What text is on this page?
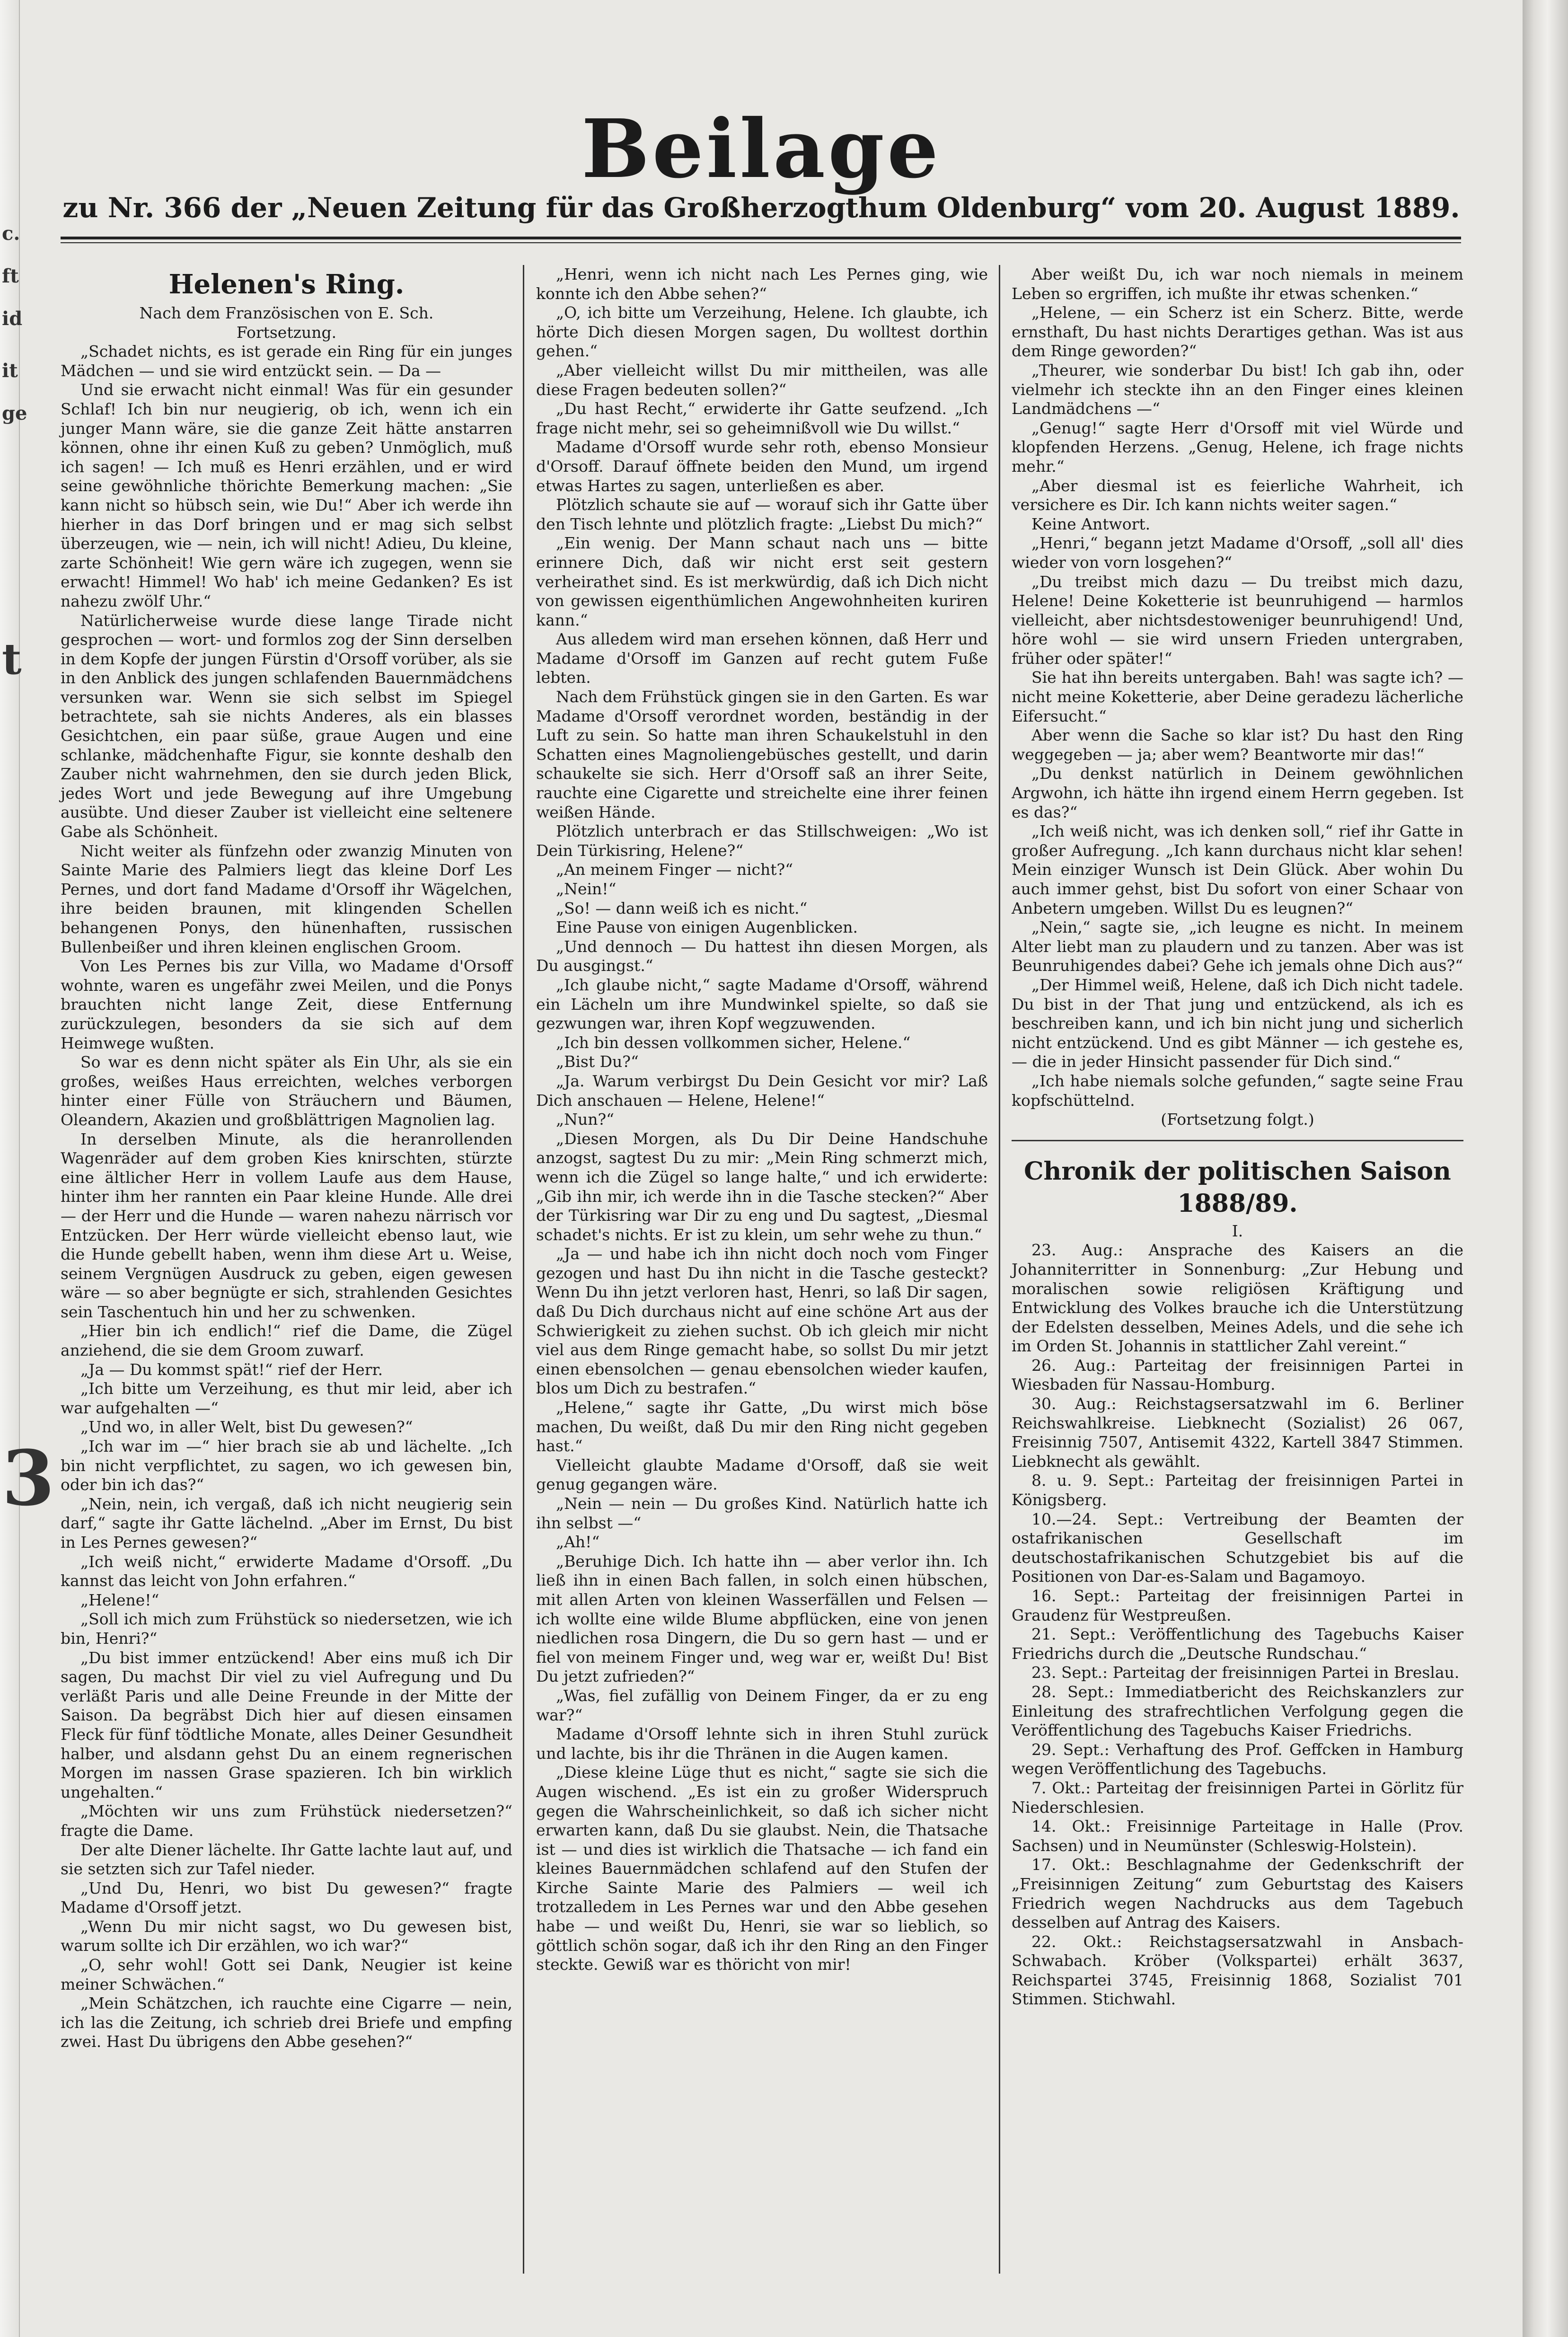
c.
ft
id
it
ge
t
3
Beilage
zu Nr. 366 der „Neuen Zeitung für das Großherzogthum Oldenburg“ vom 20. August 1889.
Helenen's Ring.

Nach dem Französischen von E. Sch.

Fortsetzung.

„Schadet nichts, es ist gerade ein Ring für ein junges Mädchen — und sie wird entzückt sein. — Da —

Und sie erwacht nicht einmal! Was für ein gesunder Schlaf! Ich bin nur neugierig, ob ich, wenn ich ein junger Mann wäre, sie die ganze Zeit hätte anstarren können, ohne ihr einen Kuß zu geben? Unmöglich, muß ich sagen! — Ich muß es Henri erzählen, und er wird seine gewöhnliche thörichte Bemerkung machen: „Sie kann nicht so hübsch sein, wie Du!“ Aber ich werde ihn hierher in das Dorf bringen und er mag sich selbst überzeugen, wie — nein, ich will nicht! Adieu, Du kleine, zarte Schönheit! Wie gern wäre ich zugegen, wenn sie erwacht! Himmel! Wo hab' ich meine Gedanken? Es ist nahezu zwölf Uhr.“

Natürlicherweise wurde diese lange Tirade nicht gesprochen — wort- und formlos zog der Sinn derselben in dem Kopfe der jungen Fürstin d'Orsoff vorüber, als sie in den Anblick des jungen schlafenden Bauernmädchens versunken war. Wenn sie sich selbst im Spiegel betrachtete, sah sie nichts Anderes, als ein blasses Gesichtchen, ein paar süße, graue Augen und eine schlanke, mädchenhafte Figur, sie konnte deshalb den Zauber nicht wahrnehmen, den sie durch jeden Blick, jedes Wort und jede Bewegung auf ihre Umgebung ausübte. Und dieser Zauber ist vielleicht eine seltenere Gabe als Schönheit.

Nicht weiter als fünfzehn oder zwanzig Minuten von Sainte Marie des Palmiers liegt das kleine Dorf Les Pernes, und dort fand Madame d'Orsoff ihr Wägelchen, ihre beiden braunen, mit klingenden Schellen behangenen Ponys, den hünenhaften, russischen Bullenbeißer und ihren kleinen englischen Groom.

Von Les Pernes bis zur Villa, wo Madame d'Orsoff wohnte, waren es ungefähr zwei Meilen, und die Ponys brauchten nicht lange Zeit, diese Entfernung zurückzulegen, besonders da sie sich auf dem Heimwege wußten.

So war es denn nicht später als Ein Uhr, als sie ein großes, weißes Haus erreichten, welches verborgen hinter einer Fülle von Sträuchern und Bäumen, Oleandern, Akazien und großblättrigen Magnolien lag.

In derselben Minute, als die heranrollenden Wagenräder auf dem groben Kies knirschten, stürzte eine ältlicher Herr in vollem Laufe aus dem Hause, hinter ihm her rannten ein Paar kleine Hunde. Alle drei — der Herr und die Hunde — waren nahezu närrisch vor Entzücken. Der Herr würde vielleicht ebenso laut, wie die Hunde gebellt haben, wenn ihm diese Art u. Weise, seinem Vergnügen Ausdruck zu geben, eigen gewesen wäre — so aber begnügte er sich, strahlenden Gesichtes sein Taschentuch hin und her zu schwenken.

„Hier bin ich endlich!“ rief die Dame, die Zügel anziehend, die sie dem Groom zuwarf.

„Ja — Du kommst spät!“ rief der Herr.

„Ich bitte um Verzeihung, es thut mir leid, aber ich war aufgehalten —“

„Und wo, in aller Welt, bist Du gewesen?“

„Ich war im —“ hier brach sie ab und lächelte. „Ich bin nicht verpflichtet, zu sagen, wo ich gewesen bin, oder bin ich das?“

„Nein, nein, ich vergaß, daß ich nicht neugierig sein darf,“ sagte ihr Gatte lächelnd. „Aber im Ernst, Du bist in Les Pernes gewesen?“

„Ich weiß nicht,“ erwiderte Madame d'Orsoff. „Du kannst das leicht von John erfahren.“

„Helene!“

„Soll ich mich zum Frühstück so niedersetzen, wie ich bin, Henri?“

„Du bist immer entzückend! Aber eins muß ich Dir sagen, Du machst Dir viel zu viel Aufregung und Du verläßt Paris und alle Deine Freunde in der Mitte der Saison. Da begräbst Dich hier auf diesen einsamen Fleck für fünf tödtliche Monate, alles Deiner Gesundheit halber, und alsdann gehst Du an einem regnerischen Morgen im nassen Grase spazieren. Ich bin wirklich ungehalten.“

„Möchten wir uns zum Frühstück niedersetzen?“ fragte die Dame.

Der alte Diener lächelte. Ihr Gatte lachte laut auf, und sie setzten sich zur Tafel nieder.

„Und Du, Henri, wo bist Du gewesen?“ fragte Madame d'Orsoff jetzt.

„Wenn Du mir nicht sagst, wo Du gewesen bist, warum sollte ich Dir erzählen, wo ich war?“

„O, sehr wohl! Gott sei Dank, Neugier ist keine meiner Schwächen.“

„Mein Schätzchen, ich rauchte eine Cigarre — nein, ich las die Zeitung, ich schrieb drei Briefe und empfing zwei. Hast Du übrigens den Abbe gesehen?“

„Henri, wenn ich nicht nach Les Pernes ging, wie konnte ich den Abbe sehen?“

„O, ich bitte um Verzeihung, Helene. Ich glaubte, ich hörte Dich diesen Morgen sagen, Du wolltest dorthin gehen.“

„Aber vielleicht willst Du mir mittheilen, was alle diese Fragen bedeuten sollen?“

„Du hast Recht,“ erwiderte ihr Gatte seufzend. „Ich frage nicht mehr, sei so geheimnißvoll wie Du willst.“

Madame d'Orsoff wurde sehr roth, ebenso Monsieur d'Orsoff. Darauf öffnete beiden den Mund, um irgend etwas Hartes zu sagen, unterließen es aber.

Plötzlich schaute sie auf — worauf sich ihr Gatte über den Tisch lehnte und plötzlich fragte: „Liebst Du mich?“

„Ein wenig. Der Mann schaut nach uns — bitte erinnere Dich, daß wir nicht erst seit gestern verheirathet sind. Es ist merkwürdig, daß ich Dich nicht von gewissen eigenthümlichen Angewohnheiten kuriren kann.“

Aus alledem wird man ersehen können, daß Herr und Madame d'Orsoff im Ganzen auf recht gutem Fuße lebten.

Nach dem Frühstück gingen sie in den Garten. Es war Madame d'Orsoff verordnet worden, beständig in der Luft zu sein. So hatte man ihren Schaukelstuhl in den Schatten eines Magnoliengebüsches gestellt, und darin schaukelte sie sich. Herr d'Orsoff saß an ihrer Seite, rauchte eine Cigarette und streichelte eine ihrer feinen weißen Hände.

Plötzlich unterbrach er das Stillschweigen: „Wo ist Dein Türkisring, Helene?“

„An meinem Finger — nicht?“

„Nein!“

„So! — dann weiß ich es nicht.“

Eine Pause von einigen Augenblicken.

„Und dennoch — Du hattest ihn diesen Morgen, als Du ausgingst.“

„Ich glaube nicht,“ sagte Madame d'Orsoff, während ein Lächeln um ihre Mundwinkel spielte, so daß sie gezwungen war, ihren Kopf wegzuwenden.

„Ich bin dessen vollkommen sicher, Helene.“

„Bist Du?“

„Ja. Warum verbirgst Du Dein Gesicht vor mir? Laß Dich anschauen — Helene, Helene!“

„Nun?“

„Diesen Morgen, als Du Dir Deine Handschuhe anzogst, sagtest Du zu mir: „Mein Ring schmerzt mich, wenn ich die Zügel so lange halte,“ und ich erwiderte: „Gib ihn mir, ich werde ihn in die Tasche stecken?“ Aber der Türkisring war Dir zu eng und Du sagtest, „Diesmal schadet's nichts. Er ist zu klein, um sehr wehe zu thun.“

„Ja — und habe ich ihn nicht doch noch vom Finger gezogen und hast Du ihn nicht in die Tasche gesteckt? Wenn Du ihn jetzt verloren hast, Henri, so laß Dir sagen, daß Du Dich durchaus nicht auf eine schöne Art aus der Schwierigkeit zu ziehen suchst. Ob ich gleich mir nicht viel aus dem Ringe gemacht habe, so sollst Du mir jetzt einen ebensolchen — genau ebensolchen wieder kaufen, blos um Dich zu bestrafen.“

„Helene,“ sagte ihr Gatte, „Du wirst mich böse machen, Du weißt, daß Du mir den Ring nicht gegeben hast.“

Vielleicht glaubte Madame d'Orsoff, daß sie weit genug gegangen wäre.

„Nein — nein — Du großes Kind. Natürlich hatte ich ihn selbst —“

„Ah!“

„Beruhige Dich. Ich hatte ihn — aber verlor ihn. Ich ließ ihn in einen Bach fallen, in solch einen hübschen, mit allen Arten von kleinen Wasserfällen und Felsen — ich wollte eine wilde Blume abpflücken, eine von jenen niedlichen rosa Dingern, die Du so gern hast — und er fiel von meinem Finger und, weg war er, weißt Du! Bist Du jetzt zufrieden?“

„Was, fiel zufällig von Deinem Finger, da er zu eng war?“

Madame d'Orsoff lehnte sich in ihren Stuhl zurück und lachte, bis ihr die Thränen in die Augen kamen.

„Diese kleine Lüge thut es nicht,“ sagte sie sich die Augen wischend. „Es ist ein zu großer Widerspruch gegen die Wahrscheinlichkeit, so daß ich sicher nicht erwarten kann, daß Du sie glaubst. Nein, die Thatsache ist — und dies ist wirklich die Thatsache — ich fand ein kleines Bauernmädchen schlafend auf den Stufen der Kirche Sainte Marie des Palmiers — weil ich trotzalledem in Les Pernes war und den Abbe gesehen habe — und weißt Du, Henri, sie war so lieblich, so göttlich schön sogar, daß ich ihr den Ring an den Finger steckte. Gewiß war es thöricht von mir!

Aber weißt Du, ich war noch niemals in meinem Leben so ergriffen, ich mußte ihr etwas schenken.“

„Helene, — ein Scherz ist ein Scherz. Bitte, werde ernsthaft, Du hast nichts Derartiges gethan. Was ist aus dem Ringe geworden?“

„Theurer, wie sonderbar Du bist! Ich gab ihn, oder vielmehr ich steckte ihn an den Finger eines kleinen Landmädchens —“

„Genug!“ sagte Herr d'Orsoff mit viel Würde und klopfenden Herzens. „Genug, Helene, ich frage nichts mehr.“

„Aber diesmal ist es feierliche Wahrheit, ich versichere es Dir. Ich kann nichts weiter sagen.“

Keine Antwort.

„Henri,“ begann jetzt Madame d'Orsoff, „soll all' dies wieder von vorn losgehen?“

„Du treibst mich dazu — Du treibst mich dazu, Helene! Deine Koketterie ist beunruhigend — harmlos vielleicht, aber nichtsdestoweniger beunruhigend! Und, höre wohl — sie wird unsern Frieden untergraben, früher oder später!“

Sie hat ihn bereits untergaben. Bah! was sagte ich? — nicht meine Koketterie, aber Deine geradezu lächerliche Eifersucht.“

Aber wenn die Sache so klar ist? Du hast den Ring weggegeben — ja; aber wem? Beantworte mir das!“

„Du denkst natürlich in Deinem gewöhnlichen Argwohn, ich hätte ihn irgend einem Herrn gegeben. Ist es das?“

„Ich weiß nicht, was ich denken soll,“ rief ihr Gatte in großer Aufregung. „Ich kann durchaus nicht klar sehen! Mein einziger Wunsch ist Dein Glück. Aber wohin Du auch immer gehst, bist Du sofort von einer Schaar von Anbetern umgeben. Willst Du es leugnen?“

„Nein,“ sagte sie, „ich leugne es nicht. In meinem Alter liebt man zu plaudern und zu tanzen. Aber was ist Beunruhigendes dabei? Gehe ich jemals ohne Dich aus?“

„Der Himmel weiß, Helene, daß ich Dich nicht tadele. Du bist in der That jung und entzückend, als ich es beschreiben kann, und ich bin nicht jung und sicherlich nicht entzückend. Und es gibt Männer — ich gestehe es, — die in jeder Hinsicht passender für Dich sind.“

„Ich habe niemals solche gefunden,“ sagte seine Frau kopfschüttelnd.

(Fortsetzung folgt.)

Chronik der politischen Saison 1888/89.

I.

23. Aug.: Ansprache des Kaisers an die Johanniterritter in Sonnenburg: „Zur Hebung und moralischen sowie religiösen Kräftigung und Entwicklung des Volkes brauche ich die Unterstützung der Edelsten desselben, Meines Adels, und die sehe ich im Orden St. Johannis in stattlicher Zahl vereint.“

26. Aug.: Parteitag der freisinnigen Partei in Wiesbaden für Nassau-Homburg.

30. Aug.: Reichstagsersatzwahl im 6. Berliner Reichswahlkreise. Liebknecht (Sozialist) 26 067, Freisinnig 7507, Antisemit 4322, Kartell 3847 Stimmen. Liebknecht als gewählt.

8. u. 9. Sept.: Parteitag der freisinnigen Partei in Königsberg.

10.—24. Sept.: Vertreibung der Beamten der ostafrikanischen Gesellschaft im deutschostafrikanischen Schutzgebiet bis auf die Positionen von Dar-es-Salam und Bagamoyo.

16. Sept.: Parteitag der freisinnigen Partei in Graudenz für Westpreußen.

21. Sept.: Veröffentlichung des Tagebuchs Kaiser Friedrichs durch die „Deutsche Rundschau.“

23. Sept.: Parteitag der freisinnigen Partei in Breslau.

28. Sept.: Immediatbericht des Reichskanzlers zur Einleitung des strafrechtlichen Verfolgung gegen die Veröffentlichung des Tagebuchs Kaiser Friedrichs.

29. Sept.: Verhaftung des Prof. Geffcken in Hamburg wegen Veröffentlichung des Tagebuchs.

7. Okt.: Parteitag der freisinnigen Partei in Görlitz für Niederschlesien.

14. Okt.: Freisinnige Parteitage in Halle (Prov. Sachsen) und in Neumünster (Schleswig-Holstein).

17. Okt.: Beschlagnahme der Gedenkschrift der „Freisinnigen Zeitung“ zum Geburtstag des Kaisers Friedrich wegen Nachdrucks aus dem Tagebuch desselben auf Antrag des Kaisers.

22. Okt.: Reichstagsersatzwahl in Ansbach-Schwabach. Kröber (Volkspartei) erhält 3637, Reichspartei 3745, Freisinnig 1868, Sozialist 701 Stimmen. Stichwahl.
